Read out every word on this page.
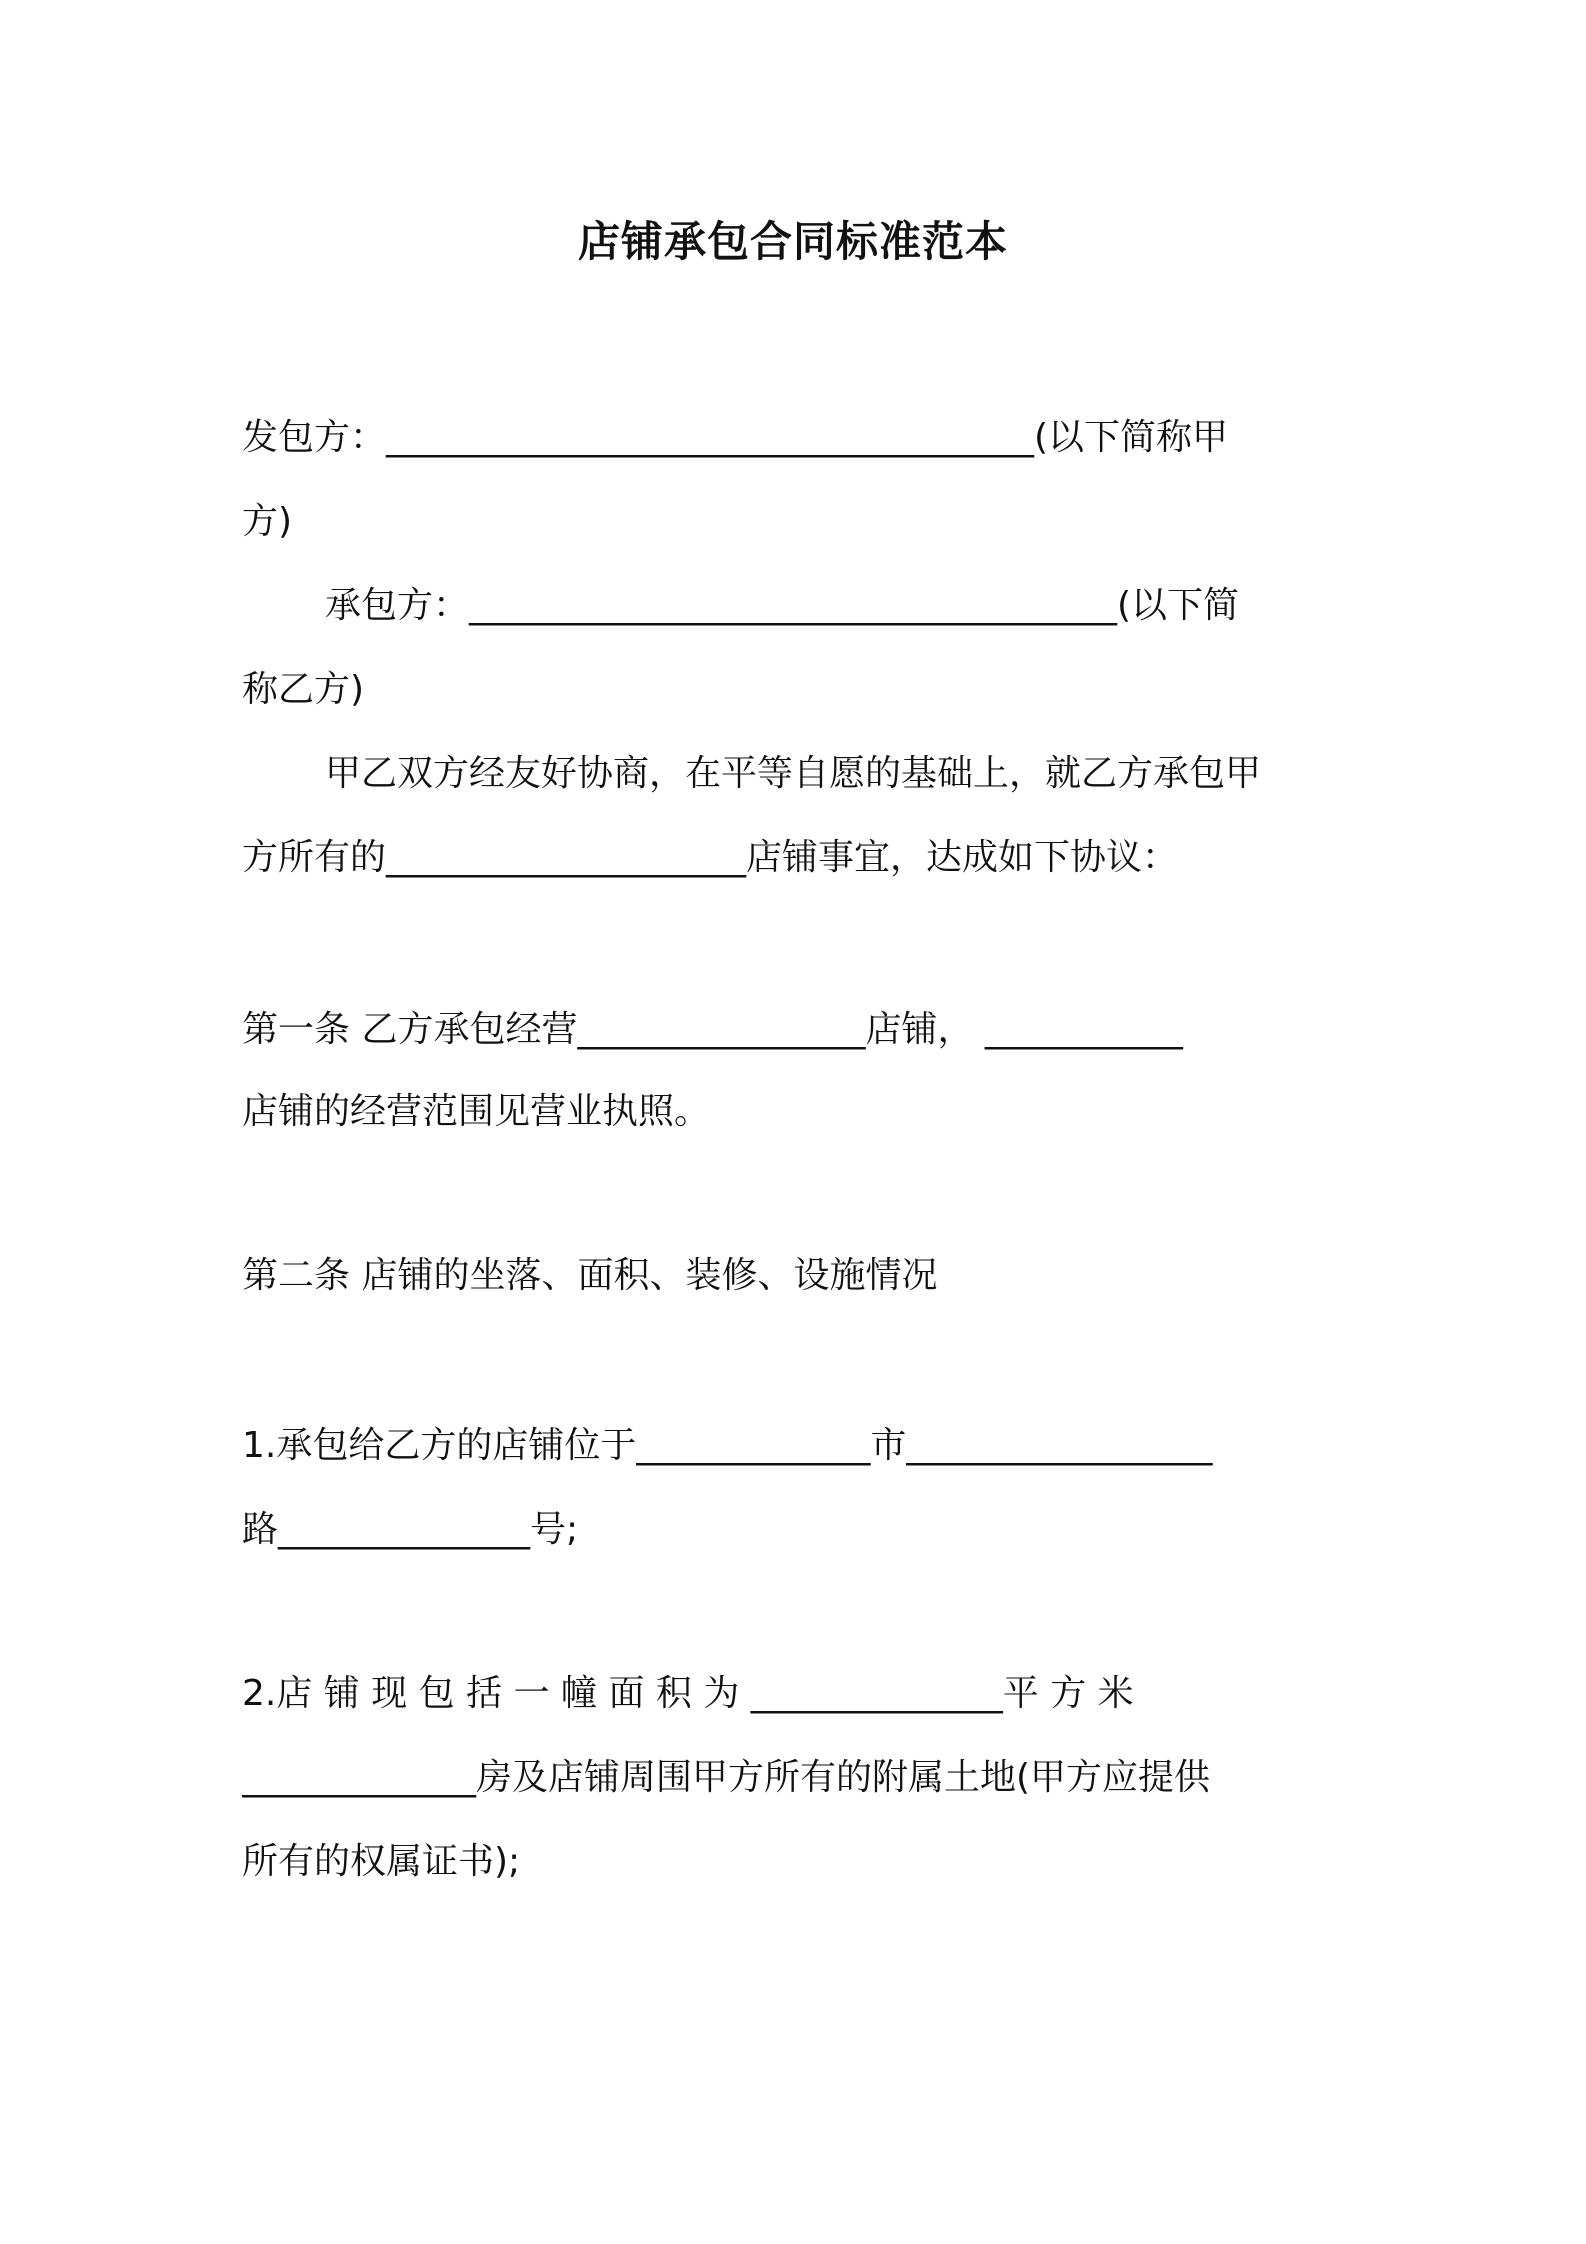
店铺承包合同标准范本
发包方：____________________________________(以下简称甲
方)
承包方：____________________________________(以下简
称乙方)
甲乙双方经友好协商，在平等自愿的基础上，就乙方承包甲
方所有的____________________店铺事宜，达成如下协议：
第一条 乙方承包经营________________店铺， ___________
店铺的经营范围见营业执照。
第二条 店铺的坐落、面积、装修、设施情况
1.承包给乙方的店铺位于_____________市_________________
路______________号;
2.店 铺 现 包 括 一 幢 面 积 为 ______________平 方 米
_____________房及店铺周围甲方所有的附属土地(甲方应提供
所有的权属证书);
